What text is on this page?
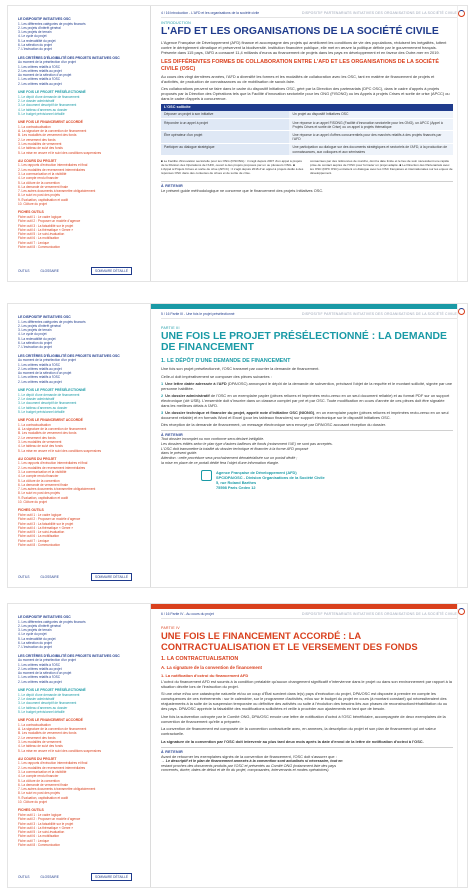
LE DISPOSITIF INITIATIVES OSC
1. Les différentes catégories de projets financés
2. Les projets d'intérêt général
3. Les projets de terrain
4. Le cycle du projet
5. La redevabilité du projet
6. La sélection du projet
7. L'instruction du projet
LES CRITÈRES D'ÉLIGIBILITÉ DES PROJETS INITIATIVES OSC
Au moment de la présélection d'un projet
1. Les critères relatifs à l'OSC
2. Les critères relatifs au projet
Au moment de la sélection d'un projet
1. Les critères relatifs à l'OSC
2. Les critères relatifs au projet
UNE FOIS LE PROJET PRÉSÉLECTIONNÉ
1. Le dépôt d'une demande de financement
2. Le dossier administratif
3. Le document descriptif de financement
4. Le tableau d'annexes au dossier
5. Le budget prévisionnel détaillé
UNE FOIS LE FINANCEMENT ACCORDÉ
1. La contractualisation
A. La signature de la convention de financement
B. Les modalités de versement des fonds
2. Le versement des fonds
3. Les modalités de versement
4. Le tableau de suivi des fonds
5. La mise en œuvre et le suivi des conditions suspensives
AU COURS DU PROJET
1. Les rapports d'exécution intermédiaires et final
2. Les modalités de reversement intermédiaires
3. La communication et la visibilité
4. Le compte rendu financier
5. La clôture de la convention
6. La demande de versement finale
7. Les autres documents à transmettre obligatoirement
8. Le suivi ex post des projets
9. Évaluation, capitalisation et audit
10. Clôture du projet
FICHES OUTILS
Fiche outil 1 : Le cadre logique
Fiche outil 2 : Proposer un modèle d'agence
Fiche outil 3 : La faisabilité sur le projet
Fiche outil 4 : La thématique « Genre »
Fiche outil 5 : Le suivi-évaluation
Fiche outil 6 : La mobilisation
Fiche outil 7 : Lexique
Fiche outil 8 : Communication
OUTILS	GLOSSAIRE	SOMMAIRE DÉTAILLÉ
4 / 16 Introduction - L'AFD et les organisations de la société civile	DISPOSITIF PARTENARIATS INITIATIVES DES ORGANISATIONS DE LA SOCIÉTÉ CIVILE
INTRODUCTION
L'AFD ET LES ORGANISATIONS DE LA SOCIÉTÉ CIVILE

L'Agence Française de Développement (AFD) finance et accompagne des projets qui améliorent les conditions de vie des populations, réduisent les inégalités, luttent contre le dérèglement climatique et préservent la biodiversité. Institution financière publique, elle met en œuvre la politique définie par le gouvernement français. Présente dans 115 pays, l'AFD a consacré 11,4 milliards d'euros au financement de projets dans les pays en développement et en faveur des Outre-mer en 2019.

LES DIFFÉRENTES FORMES DE COLLABORATION ENTRE L'AFD ET LES ORGANISATIONS DE LA SOCIÉTÉ CIVILE (OSC)

Au cours des vingt dernières années, l'AFD a diversifié les formes et les modalités de collaboration avec les OSC, tant en matière de financement de projets et d'activités, de production de connaissances ou de mobilisation de savoir-faire.

Ces collaborations peuvent se faire dans le cadre du dispositif Initiatives OSC, géré par la Direction des partenariats (DPC OSC), dans le cadre d'appels à projets proposés par la Direction des Opérations tels que la Facilité d'innovation sectorielle pour les ONG (FISONG) ou les Appels à projets Crises et sortie de crise (APCC) ou dans le cadre d'appels à concurrence.

L'OSC sollicite	
Déposer un projet à son initiative	Un projet au dispositif Initiatives OSC
Répondre à un appel à projet	Une réponse à un appel FISONG (Facilité d'innovation sectorielle pour les ONG), un APCC (Appel à Projets Crises et sortie de Crise) ou un appel à projets thématique
Être opérateur d'un projet	Une réponse à un appel d'offres concurrentiels pour des marchés relatifs à des projets financés par l'AFD
Participer au dialogue stratégique	Une participation au dialogue sur des documents stratégiques et sectoriels de l'AFD, à la production de connaissances, aux colloques et aux séminaires

■ Le Facilité d'innovation sectorielle pour les ONG (FISONG) : il s'agit depuis 2007 d'un appel à projets de la Division des Opérations de l'AFD, ouvert à des projets proposés par un ou plusieurs ONG. ■ L'Appel à Projets Crises et sortie de crise (APCC) : il s'agit depuis 2016 d'un appel à projets dédié à des réponses OSC dans des contextes de crises et de sortie de crise.

consacrées par des références de marché, dont la date limite et le lieu de soin nécessitent une rapide prise de contact auprès de l'OSC pour formuler un projet adapté. ■ Le Direction des Partenariats avec les OSC (DPC OSC) entretient un dialogue avec les OSC françaises et internationales sur les enjeux de développement.

À RETENIR
Le présent guide méthodologique ne concerne que le financement des projets Initiatives OSC.
LE DISPOSITIF INITIATIVES OSC
1. Les différentes catégories de projets financés
2. Les projets d'intérêt général
3. Les projets de terrain
4. Le cycle du projet
5. La redevabilité du projet
6. La sélection du projet
7. L'instruction du projet
LES CRITÈRES D'ÉLIGIBILITÉ DES PROJETS INITIATIVES OSC
Au moment de la présélection d'un projet
1. Les critères relatifs à l'OSC
2. Les critères relatifs au projet
Au moment de la sélection d'un projet
1. Les critères relatifs à l'OSC
2. Les critères relatifs au projet
UNE FOIS LE PROJET PRÉSÉLECTIONNÉ
1. Le dépôt d'une demande de financement
2. Le dossier administratif
3. Le document descriptif de financement
4. Le tableau d'annexes au dossier
5. Le budget prévisionnel détaillé
UNE FOIS LE FINANCEMENT ACCORDÉ
1. La contractualisation
A. La signature de la convention de financement
B. Les modalités de versement des fonds
2. Le versement des fonds
3. Les modalités de versement
4. Le tableau de suivi des fonds
5. La mise en œuvre et le suivi des conditions suspensives
AU COURS DU PROJET
1. Les rapports d'exécution intermédiaires et final
2. Les modalités de reversement intermédiaires
3. La communication et la visibilité
4. Le compte rendu financier
5. La clôture de la convention
6. La demande de versement finale
7. Les autres documents à transmettre obligatoirement
8. Le suivi ex post des projets
9. Évaluation, capitalisation et audit
10. Clôture du projet
FICHES OUTILS
Fiche outil 1 : Le cadre logique
Fiche outil 2 : Proposer un modèle d'agence
Fiche outil 3 : La faisabilité sur le projet
Fiche outil 4 : La thématique « Genre »
Fiche outil 5 : Le suivi-évaluation
Fiche outil 6 : La mobilisation
Fiche outil 7 : Lexique
Fiche outil 8 : Communication
OUTILS	GLOSSAIRE	SOMMAIRE DÉTAILLÉ
5 / 16 Partie III - Une fois le projet présélectionné	DISPOSITIF PARTENARIATS INITIATIVES DES ORGANISATIONS DE LA SOCIÉTÉ CIVILE
PARTIE III
UNE FOIS LE PROJET PRÉSÉLECTIONNÉ : LA DEMANDE DE FINANCEMENT
1. LE DÉPÔT D'UNE DEMANDE DE FINANCEMENT

Une fois son projet présélectionné, l'OSC transmet par courrier la demande de financement.

Celle-ci doit impérativement se composer des pièces suivantes :

1 Une lettre datée adressée à l'AFD (DPA/OSC) annonçant le dépôt de la demande de subvention, précisant l'objet de la requête et le montant sollicité, signée par une personne habilitée.

2 Un dossier administratif de l'OSC en un exemplaire papier (pièces reliures et imprimées recto-verso en un seul document reliable) et au format PDF sur un support électronique (clé USB). L'ensemble doit s'inscrire dans un classeur complet par pré et par OSC. Toute modification en cours d'année de ces pièces doit être signalée dans les meilleurs délais à l'AFD.

3 Un dossier technique et financier du projet, appelé note d'initiative OSC (NIONG), en un exemplaire papier (pièces reliures et imprimées recto-verso en un seul document reliable) et en formats Word et Excel (pour les tableaux financiers) sur support électronique sur le dispositif Initiatives OSC.

Dès réception de la demande de financement, un message électronique sera envoyé par DPA/OSC accusant réception du dossier.

À RETENIR
Tout dossier incomplet ou non conforme sera déclaré inéligible.
Les dossiers édités selon le plan type d'autres bailleurs de fonds (notamment l'UE) ne sont pas acceptés.
L'OSC doit transmettre la totalité du dossier technique et financier à la forme AFD proposé
dans le présent guide.
Attention : cette procédure sera prochainement dématérialisée sur un portail dédié ;
la mise en place de ce portail dédié fera l'objet d'une information élargie.
Agence Française de Développement (AFD)
SPC/DPA/OSC - Division Organisations de la Société Civile
5, rue Roland Barthes
75598 Paris Cedex 12
LE DISPOSITIF INITIATIVES OSC
1. Les différentes catégories de projets financés
2. Les projets d'intérêt général
3. Les projets de terrain
4. Le cycle du projet
5. La redevabilité du projet
6. La sélection du projet
7. L'instruction du projet
LES CRITÈRES D'ÉLIGIBILITÉ DES PROJETS INITIATIVES OSC
Au moment de la présélection d'un projet
1. Les critères relatifs à l'OSC
2. Les critères relatifs au projet
Au moment de la sélection d'un projet
1. Les critères relatifs à l'OSC
2. Les critères relatifs au projet
UNE FOIS LE PROJET PRÉSÉLECTIONNÉ
1. Le dépôt d'une demande de financement
2. Le dossier administratif
3. Le document descriptif de financement
4. Le tableau d'annexes au dossier
5. Le budget prévisionnel détaillé
UNE FOIS LE FINANCEMENT ACCORDÉ
1. La contractualisation
A. La signature de la convention de financement
B. Les modalités de versement des fonds
2. Le versement des fonds
3. Les modalités de versement
4. Le tableau de suivi des fonds
5. La mise en œuvre et le suivi des conditions suspensives
AU COURS DU PROJET
1. Les rapports d'exécution intermédiaires et final
2. Les modalités de reversement intermédiaires
3. La communication et la visibilité
4. Le compte rendu financier
5. La clôture de la convention
6. La demande de versement finale
7. Les autres documents à transmettre obligatoirement
8. Le suivi ex post des projets
9. Évaluation, capitalisation et audit
10. Clôture du projet
FICHES OUTILS
Fiche outil 1 : Le cadre logique
Fiche outil 2 : Proposer un modèle d'agence
Fiche outil 3 : La faisabilité sur le projet
Fiche outil 4 : La thématique « Genre »
Fiche outil 5 : Le suivi-évaluation
Fiche outil 6 : La mobilisation
Fiche outil 7 : Lexique
Fiche outil 8 : Communication
OUTILS	GLOSSAIRE	SOMMAIRE DÉTAILLÉ
6 / 16 Partie IV - Au cours du projet	DISPOSITIF PARTENARIATS INITIATIVES DES ORGANISATIONS DE LA SOCIÉTÉ CIVILE
PARTIE IV
UNE FOIS LE FINANCEMENT ACCORDÉ : LA CONTRACTUALISATION ET LE VERSEMENT DES FONDS
1. LA CONTRACTUALISATION
A. La signature de la convention de financement
1. La notification d'octroi du financement AFD

L'octroi du financement AFD est soumis à la condition préalable qu'aucun changement significatif n'intervienne dans le projet ou dans son environnement par rapport à la situation décrite lors de l'instruction du projet.

Si une crise et/ou une catastrophe naturelle et/ou un coup d'État survient dans le(s) pays d'exécution du projet, DPA/OSC est disposée à prendre en compte les conséquences de ces événements : sur le calendrier, sur le programme d'activités, et/ou sur le budget du projet en cours (à montant constant) qui nécessiteraient des réajustements à la suite de la suspension temporaire ou définitive des activités ou suite à l'évolution des besoins liés aux phases de reconstruction/réhabilitation du ou des pays. DPA/OSC apprécie la faisabilité des modifications sollicitées et veille à procéder aux ajustements en tant que de besoin.

Une fois la subvention octroyée par le Comité ONG, DPA/OSC envoie une lettre de notification d'octroi à l'OSC bénéficiaire, accompagnée de deux exemplaires de la convention de financement qu'elle a préparée.

La convention de financement est composée de la convention contractuelle avec, en annexes, la description du projet et son plan de financement qui ont valeur contractuelle.

La signature de la convention par l'OSC doit intervenir au plus tard deux mois après la date d'envoi de la lettre de notification d'octroi à l'OSC.

À RETENIR
Avant de retourner les exemplaires signés de la convention de financement, l'OSC doit s'assurer que :
→ Le descriptif et le plan de financement annexés à la convention sont actualisés si nécessaire, tout en
restant proches des documents produits par l'OSC et présentés au Comité ONG (notamment liste des pays
concernés, durée, dates de début et de fin du projet, composantes, intervenants et modes opératoires).
